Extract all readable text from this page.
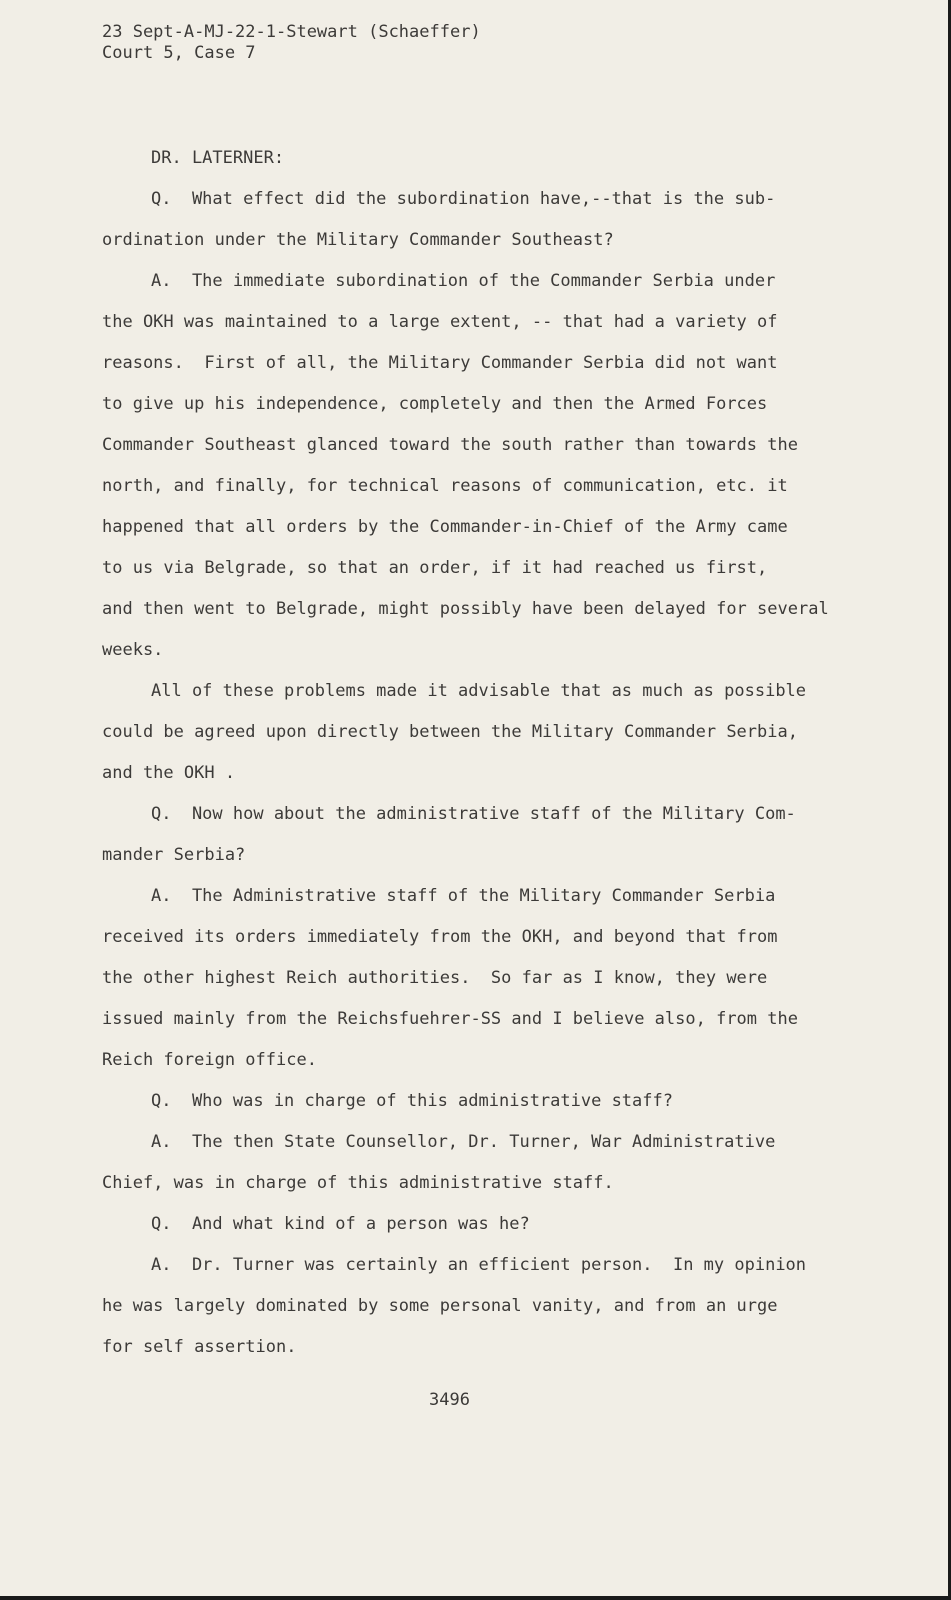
23 Sept-A-MJ-22-1-Stewart (Schaeffer)
Court 5, Case 7
DR. LATERNER:
Q.  What effect did the subordination have,--that is the sub-
ordination under the Military Commander Southeast?
A.  The immediate subordination of the Commander Serbia under
the OKH was maintained to a large extent, -- that had a variety of
reasons.  First of all, the Military Commander Serbia did not want
to give up his independence, completely and then the Armed Forces
Commander Southeast glanced toward the south rather than towards the
north, and finally, for technical reasons of communication, etc. it
happened that all orders by the Commander-in-Chief of the Army came
to us via Belgrade, so that an order, if it had reached us first,
and then went to Belgrade, might possibly have been delayed for several
weeks.
All of these problems made it advisable that as much as possible
could be agreed upon directly between the Military Commander Serbia,
and the OKH .
Q.  Now how about the administrative staff of the Military Com-
mander Serbia?
A.  The Administrative staff of the Military Commander Serbia
received its orders immediately from the OKH, and beyond that from
the other highest Reich authorities.  So far as I know, they were
issued mainly from the Reichsfuehrer-SS and I believe also, from the
Reich foreign office.
Q.  Who was in charge of this administrative staff?
A.  The then State Counsellor, Dr. Turner, War Administrative
Chief, was in charge of this administrative staff.
Q.  And what kind of a person was he?
A.  Dr. Turner was certainly an efficient person.  In my opinion
he was largely dominated by some personal vanity, and from an urge
for self assertion.
3496
